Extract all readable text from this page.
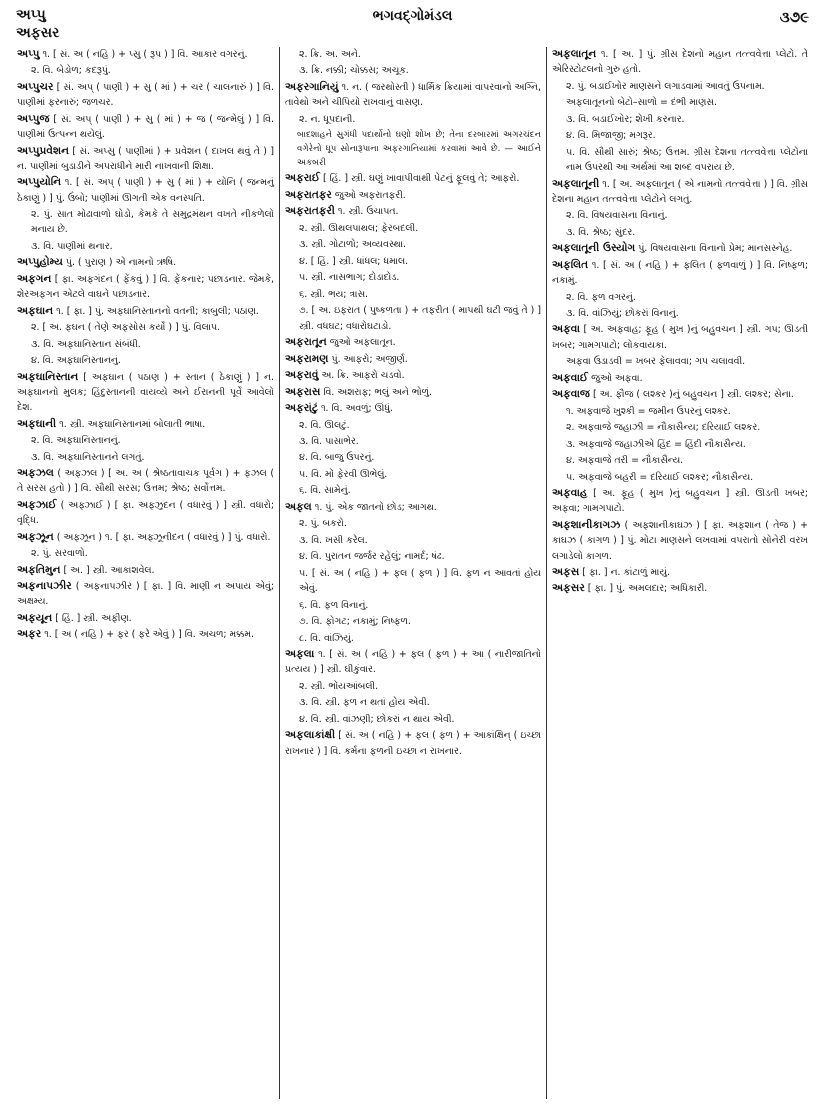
અપ્પુ
અફસર
ભગવદ્ગોમંડલ	૩૭૯
અપ્પુ ૧. [ સં. અ ( નહિ ) + પ્સુ ( રૂપ ) ] વિ. આકાર વગરનું.
૨. વિ. બેડોળ; કદરૂપું.
અપ્પુચર [ સં. અપ્ ( પાણી ) + સુ ( માં ) + ચર ( ચાલનારું ) ] વિ. પાણીમાં ફરનારું; જળચર.
અપ્પુજ [ સં. અપ્ ( પાણી ) + સુ ( માં ) + જ ( જન્મેલું ) ] વિ. પાણીમાં ઉત્પન્ન થયેલું.
અપ્પુપ્રવેશન [ સં. અપ્સુ ( પાણીમાં ) + પ્રવેશન ( દાખલ થવું તે ) ] ન. પાણીમાં બુડાડીને અપરાધીને મારી નાખવાની શિક્ષા.
અપ્પુયોનિ ૧. [ સં. અપ્ ( પાણી ) + સુ ( માં ) + યોનિ ( જન્મનું ઠેકાણું ) ] પું. ઉંબો; પાણીમાં ઊગતી એક વનસ્પતિ.
૨. પું. સાત મોઢાવાળો ઘોડો, કેમકે તે સમુદ્રમંથન વખતે નીકળેલો મનાય છે.
૩. વિ. પાણીમાં થનાર.
અપ્પુહોમ્ય પું. ( પુરાણ ) એ નામનો ઋષિ.
અફગન [ ફા. અફગંદન ( ફેંકવું ) ] વિ. ફેંકનાર; પછાડનાર. જેમકે, શેરઅફગન એટલે વાઘને પછાડનાર.
અફઘાન ૧. [ ફા. ] પું. અફઘાનિસ્તાનનો વતની; કાબુલી; પઠાણ.
૨. [ અ. ફઘન ( તેણે અફસોસ કર્યો ) ] પું. વિલાપ.
૩. વિ. અફઘાનિસ્તાન સંબંધી.
૪. વિ. અફઘાનિસ્તાનનું.
અફઘાનિસ્તાન [ અફઘાન ( પઠાણ ) + સ્તાન ( ઠેકાણું ) ] ન. અફઘાનનો મુલક; હિંદુસ્તાનની વાયવ્યે અને ઈરાનની પૂર્વે આવેલો દેશ.
અફઘાની ૧. સ્ત્રી. અફઘાનિસ્તાનમાં બોલાતી ભાષા.
૨. વિ. અફઘાનિસ્તાનનું.
૩. વિ. અફઘાનિસ્તાનને લગતું.
અફઝલ ( અફઝલ ) [ અ. અ ( શ્રેષ્ઠતાવાચક પૂર્વગ ) + ફઝલ ( તે સરસ હતો ) ] વિ. સૌથી સરસ; ઉત્તમ; શ્રેષ્ઠ; સર્વોત્તમ.
અફઝાઈ ( અફ્ઝાઈ ) [ ફા. અફ્ઝુદન ( વધારવું ) ] સ્ત્રી. વધારો; વૃદ્ધિ.
અફઝૂન ( અફ્ઝૂન ) ૧. [ ફા. અફ્ઝૂનીદન ( વધારવું ) ] પું. વધારો.
૨. પું. સરવાળો.
અફતિમુન [ અ. ] સ્ત્રી. આકાશવેલ.
અફનાપઝીર ( અફનાપઝીર ) [ ફા. ] વિ. માણી ન અપાય એવું; અક્ષમ્ય.
અફયૂન [ હિં. ] સ્ત્રી. અફીણ.
અફર ૧. [ અ ( નહિ ) + ફર ( ફરે એવું ) ] વિ. અચળ; મક્કમ.
૨. ક્રિ. અ. અને.
૩. ક્રિ. નક્કી; ચોક્કસ; અચૂક.
અફરગાનિયું ૧. ન. ( જરથોસ્તી ) ધાર્મિક ક્રિયામાં વાપરવાનો અગ્નિ, તાવેથો અને ચીપિયો રાખવાનું વાસણ.
૨. ન. ધૂપદાની.
બાદશાહને સુગંધી પદાર્થોનો ઘણો શોખ છે; તેના દરબારમાં અગરચંદન વગેરેનો ધૂપ સોનારૂપાના અફરગાનિયામાં કરવામાં આવે છે. — આઈને અકબરી
અફરાઈ [ હિં. ] સ્ત્રી. ઘણું ખાવાપીવાથી પેટનું ફૂલવું તે; આફરો.
અફરાતફર જુઓ અફરાતફરી.
અફરાતફરી ૧. સ્ત્રી. ઉચાપત.
૨. સ્ત્રી. ઊથલપાથલ; ફેરબદલી.
૩. સ્ત્રી. ગોટાળો; અવ્યવસ્થા.
૪. [ હિં. ] સ્ત્રી. ધાંધલ; ધમાલ.
૫. સ્ત્રી. નાસભાગ; દોડાદોડ.
૬. સ્ત્રી. ભય; ત્રાસ.
૭. [ અ. ઇફરાત ( પુષ્કળતા ) + તફરીત ( માપથી ઘટી જવું તે ) ] સ્ત્રી. વધઘટ; વધારોઘટાડો.
અફરાતૂન જુઓ અફલાતૂન.
અફરામણ પું. આફરો; અજીર્ણ.
અફરાવું અ. ક્રિ. આફરો ચડવો.
અફરાસ વિ. અશરાફ; ભલું અને ભોળું.
અફરાંટું ૧. વિ. અવળું; ઊંધું.
૨. વિ. ઊલટું.
૩. વિ. પાસાભેર.
૪. વિ. બાજુ ઉપરનું.
૫. વિ. મોં ફેરવી ઊભેલું.
૬. વિ. સામેનું.
અફલ ૧. પું. એક જાતનો છોડ; આગથ.
૨. પું. બકરો.
૩. વિ. ખસી કરેલ.
૪. વિ. પુરાતન જર્જર રહેલું; નામર્દ; ષંઢ.
૫. [ સં. અ ( નહિ ) + ફલ ( ફળ ) ] વિ. ફળ ન આવતાં હોય એવું.
૬. વિ. ફળ વિનાનું.
૭. વિ. ફોગટ; નકામું; નિષ્ફળ.
૮. વિ. વાંઝિયું.
અફલા ૧. [ સં. અ ( નહિ ) + ફલ ( ફળ ) + આ ( નારીજાતિનો પ્રત્યય ) ] સ્ત્રી. ઘીકુંવાર.
૨. સ્ત્રી. ભોંયઆંબલી.
૩. વિ. સ્ત્રી. ફળ ન થતાં હોય એવી.
૪. વિ. સ્ત્રી. વાંઝણી; છોકરાં ન થાય એવી.
અફલાકાંક્ષી [ સં. અ ( નહિ ) + ફલ ( ફળ ) + આકાંક્ષિન્ ( ઇચ્છા રાખનાર ) ] વિ. કર્મના ફળની ઇચ્છા ન રાખનાર.
અફલાતૂન ૧. [ અ. ] પું. ગ્રીસ દેશનો મહાન તત્ત્વવેત્તા પ્લેટો. તે એરિસ્ટોટલનો ગુરુ હતો.
૨. પું. બડાઈખોર માણસને લગાડવામાં આવતું ઉપનામ.
અફલાતૂનનો બેટો–સાળો = દંભી માણસ.
૩. વિ. બડાઈખોર; શેખી કરનાર.
૪. વિ. મિજાજી; મગરૂર.
૫. વિ. સૌથી સારું; શ્રેષ્ઠ; ઉત્તમ. ગ્રીસ દેશના તત્ત્વવેત્તા પ્લેટોના નામ ઉપરથી આ અર્થમાં આ શબ્દ વપરાય છે.
અફલાતૂની ૧. [ અ. અફલાતૂન ( એ નામનો તત્ત્વવેત્તા ) ] વિ. ગ્રીસ દેશના મહાન તત્ત્વવેત્તા પ્લેટોને લગતું.
૨. વિ. વિષયવાસના વિનાનું.
૩. વિ. શ્રેષ્ઠ; સુંદર.
અફલાતૂની ઉસ્યોગ પું. વિષયવાસના વિનાનો પ્રેમ; માનસસ્નેહ.
અફલિત ૧. [ સં. અ ( નહિ ) + ફલિત ( ફળવાળું ) ] વિ. નિષ્ફળ; નકામું.
૨. વિ. ફળ વગરનું.
૩. વિ. વાંઝિયું; છોકરાં વિનાનું.
અફવા [ અ. અફવાહ; ફૂહ ( મુખ )નું બહુવચન ] સ્ત્રી. ગપ; ઊડતી ખબર; ગામગપાટો; લોકવાયકા.
અફવા ઉડાડવી = ખબર ફેલાવવા; ગપ ચલાવવી.
અફવાઈ જુઓ અફવા.
અફવાજ [ અ. ફૌજ ( લશ્કર )નું બહુવચન ] સ્ત્રી. લશ્કર; સેના.
૧. અફવાજે ખુશ્કી = જમીન ઉપરનું લશ્કર.
૨. અફવાજે જહાઝી = નૌકાસૈન્ય; દરિયાઈ લશ્કર.
૩. અફવાજે જહાઝીએ હિંદ = હિંદી નૌકાસૈન્ય.
૪. અફવાજે તરી = નૌકાસૈન્ય.
૫. અફવાજે બહરી = દરિયાઈ લશ્કર; નૌકાસૈન્ય.
અફવાહ [ અ. ફૂહ ( મુખ )નું બહુવચન ] સ્ત્રી. ઊડતી ખબર; અફવા; ગામગપાટો.
અફશાનીકાગઝ ( અફશાનીકાઘઝ ) [ ફા. અફશાન ( તેજ ) + કાઘઝ ( કાગળ ) ] પું. મોટા માણસને લખવામાં વપરાતો સોનેરી વરખ લગાડેલો કાગળ.
અફસ [ ફા. ] ન. કાંટાળું માયું.
અફસર [ ફા. ] પું. અમલદાર; અધિકારી.
